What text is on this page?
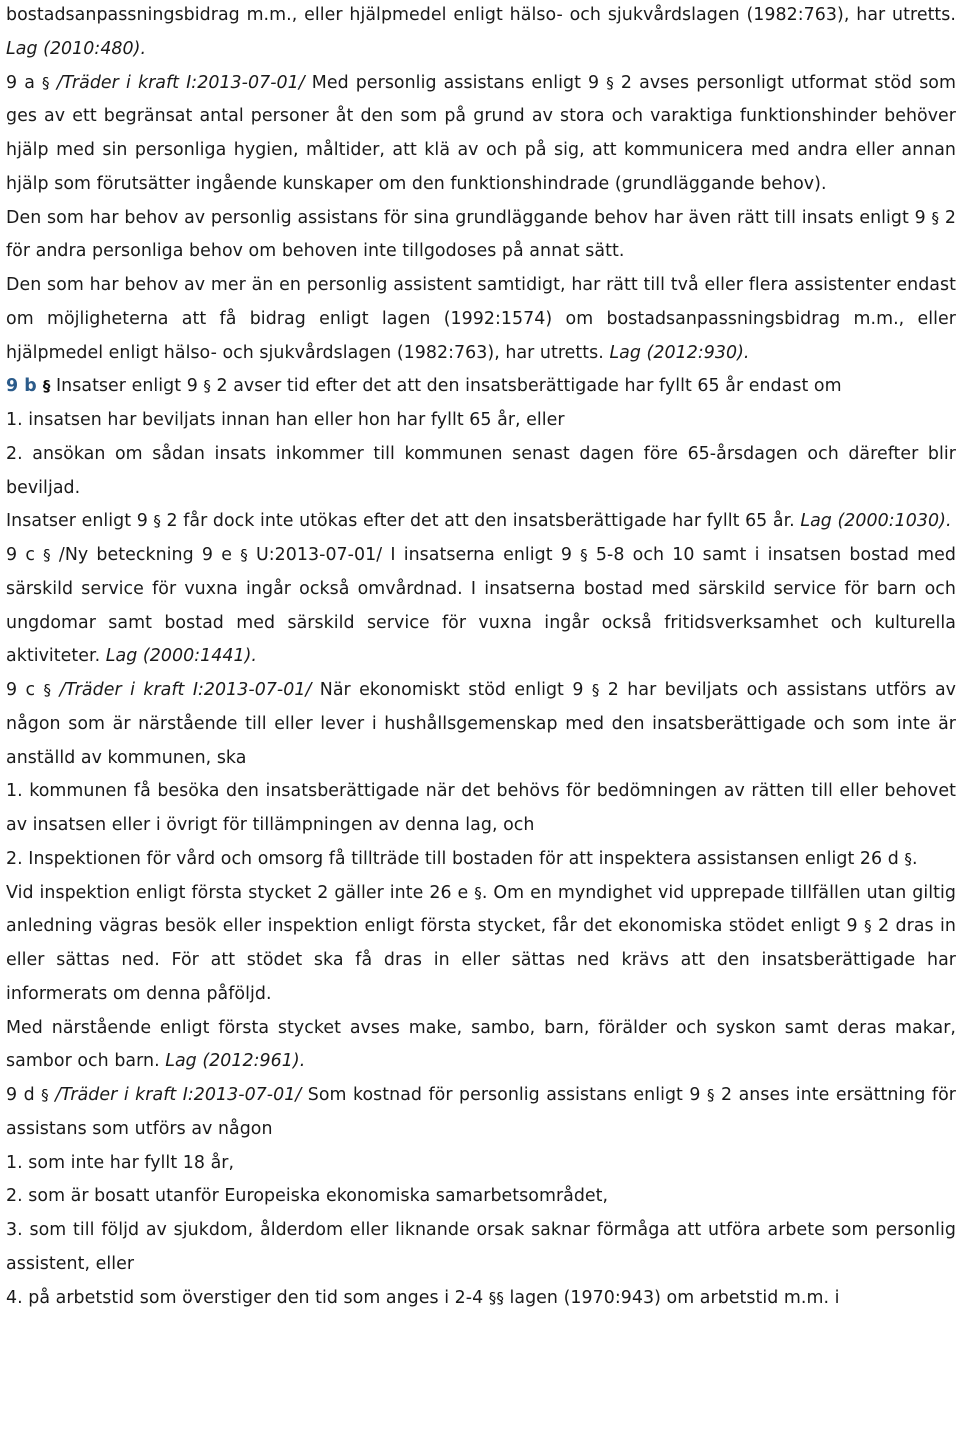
bostadsanpassningsbidrag m.m., eller hjälpmedel enligt hälso- och sjukvårdslagen (1982:763), har utretts. Lag (2010:480).

9 a § /Träder i kraft I:2013-07-01/ Med personlig assistans enligt 9 § 2 avses personligt utformat stöd som ges av ett begränsat antal personer åt den som på grund av stora och varaktiga funktionshinder behöver hjälp med sin personliga hygien, måltider, att klä av och på sig, att kommunicera med andra eller annan hjälp som förutsätter ingående kunskaper om den funktionshindrade (grundläggande behov).

Den som har behov av personlig assistans för sina grundläggande behov har även rätt till insats enligt 9 § 2 för andra personliga behov om behoven inte tillgodoses på annat sätt.

Den som har behov av mer än en personlig assistent samtidigt, har rätt till två eller flera assistenter endast om möjligheterna att få bidrag enligt lagen (1992:1574) om bostadsanpassningsbidrag m.m., eller hjälpmedel enligt hälso- och sjukvårdslagen (1982:763), har utretts. Lag (2012:930).

9 b § Insatser enligt 9 § 2 avser tid efter det att den insatsberättigade har fyllt 65 år endast om

1. insatsen har beviljats innan han eller hon har fyllt 65 år, eller

2. ansökan om sådan insats inkommer till kommunen senast dagen före 65-årsdagen och därefter blir beviljad.

Insatser enligt 9 § 2 får dock inte utökas efter det att den insatsberättigade har fyllt 65 år. Lag (2000:1030).

9 c § /Ny beteckning 9 e § U:2013-07-01/ I insatserna enligt 9 § 5-8 och 10 samt i insatsen bostad med särskild service för vuxna ingår också omvårdnad. I insatserna bostad med särskild service för barn och ungdomar samt bostad med särskild service för vuxna ingår också fritidsverksamhet och kulturella aktiviteter. Lag (2000:1441).

9 c § /Träder i kraft I:2013-07-01/ När ekonomiskt stöd enligt 9 § 2 har beviljats och assistans utförs av någon som är närstående till eller lever i hushållsgemenskap med den insatsberättigade och som inte är anställd av kommunen, ska

1. kommunen få besöka den insatsberättigade när det behövs för bedömningen av rätten till eller behovet av insatsen eller i övrigt för tillämpningen av denna lag, och

2. Inspektionen för vård och omsorg få tillträde till bostaden för att inspektera assistansen enligt 26 d §.

Vid inspektion enligt första stycket 2 gäller inte 26 e §. Om en myndighet vid upprepade tillfällen utan giltig anledning vägras besök eller inspektion enligt första stycket, får det ekonomiska stödet enligt 9 § 2 dras in eller sättas ned. För att stödet ska få dras in eller sättas ned krävs att den insatsberättigade har informerats om denna påföljd.

Med närstående enligt första stycket avses make, sambo, barn, förälder och syskon samt deras makar, sambor och barn. Lag (2012:961).

9 d § /Träder i kraft I:2013-07-01/ Som kostnad för personlig assistans enligt 9 § 2 anses inte ersättning för assistans som utförs av någon

1. som inte har fyllt 18 år,

2. som är bosatt utanför Europeiska ekonomiska samarbetsområdet,

3. som till följd av sjukdom, ålderdom eller liknande orsak saknar förmåga att utföra arbete som personlig assistent, eller

4. på arbetstid som överstiger den tid som anges i 2-4 §§ lagen (1970:943) om arbetstid m.m. i
